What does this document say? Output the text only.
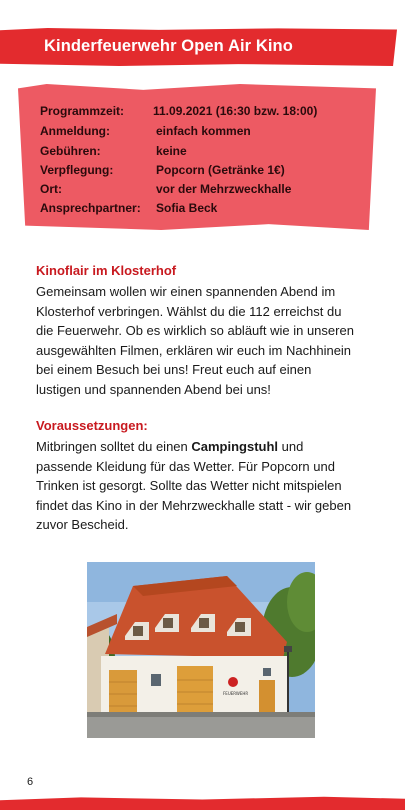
Kinderfeuerwehr Open Air Kino
Programmzeit: 11.09.2021 (16:30 bzw. 18:00)
Anmeldung:	einfach kommen
Gebühren:	keine
Verpflegung:	Popcorn (Getränke 1€)
Ort:	vor der Mehrzweckhalle
Ansprechpartner: Sofia Beck
Kinoflair im Klosterhof
Gemeinsam wollen wir einen spannenden Abend im
Klosterhof verbringen. Wählst du die 112 erreichst du
die Feuerwehr. Ob es wirklich so abläuft wie in unseren
ausgewählten Filmen, erklären wir euch im Nachhinein
bei einem Besuch bei uns! Freut euch auf einen
lustigen und spannenden Abend bei uns!
Voraussetzungen:
Mitbringen solltet du einen Campingstuhl und
passende Kleidung für das Wetter. Für Popcorn und
Trinken ist gesorgt. Sollte das Wetter nicht mitspielen
findet das Kino in der Mehrzweckhalle statt - wir geben
zuvor Bescheid.
FEUERWEHR
6
